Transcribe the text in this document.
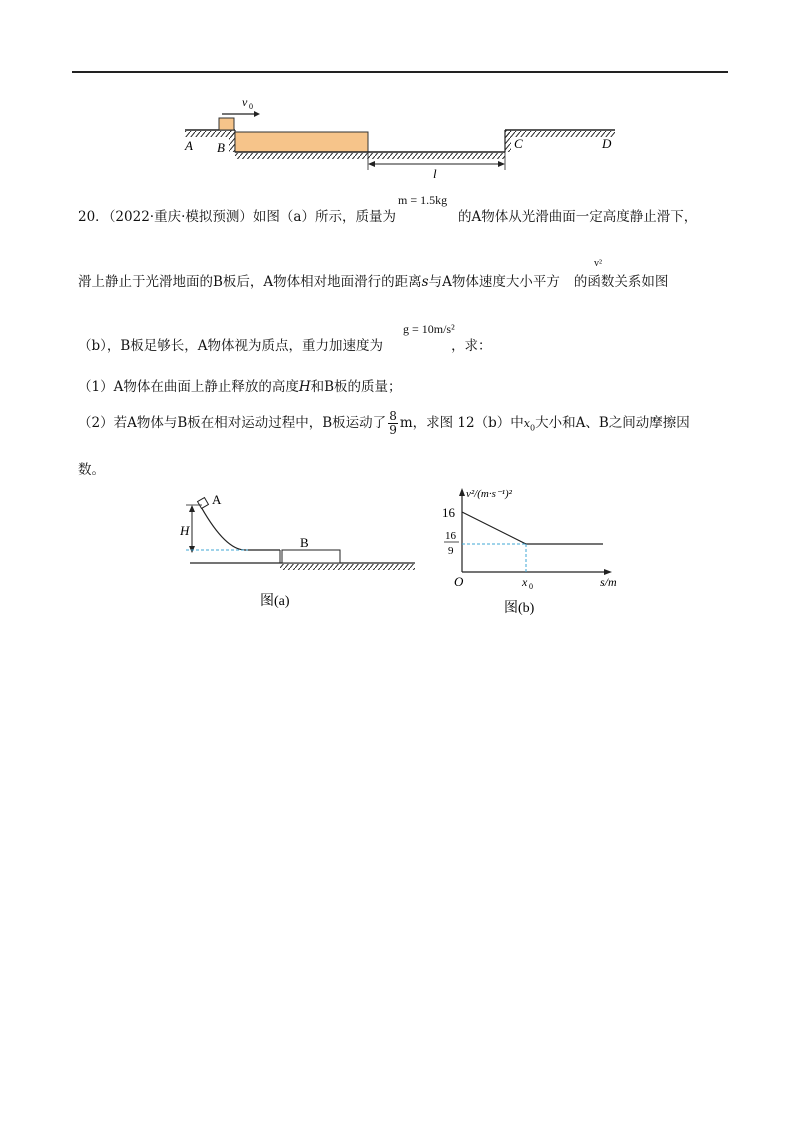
v 0
l
A B	C	D
m = 1.5kg
20．（2022·重庆·模拟预测）如图（a）所示，质量为	的A物体从光滑曲面一定高度静止滑下，
v²
滑上静止于光滑地面的B板后，A物体相对地面滑行的距离s与A物体速度大小平方 的函数关系如图
g = 10m/s²
（b），B板足够长，A物体视为质点，重力加速度为	，求：
（1）A物体在曲面上静止释放的高度H和B板的质量；
（2）若A物体与B板在相对运动过程中，B板运动了 $\frac{8}{9}$ m，求图 12（b）中$x_0$大小和A、B之间动摩擦因
数。
A
H
B
图(a)
v²/(m·s⁻¹)²
16
16
9
O	x 0	s/m
图(b)
